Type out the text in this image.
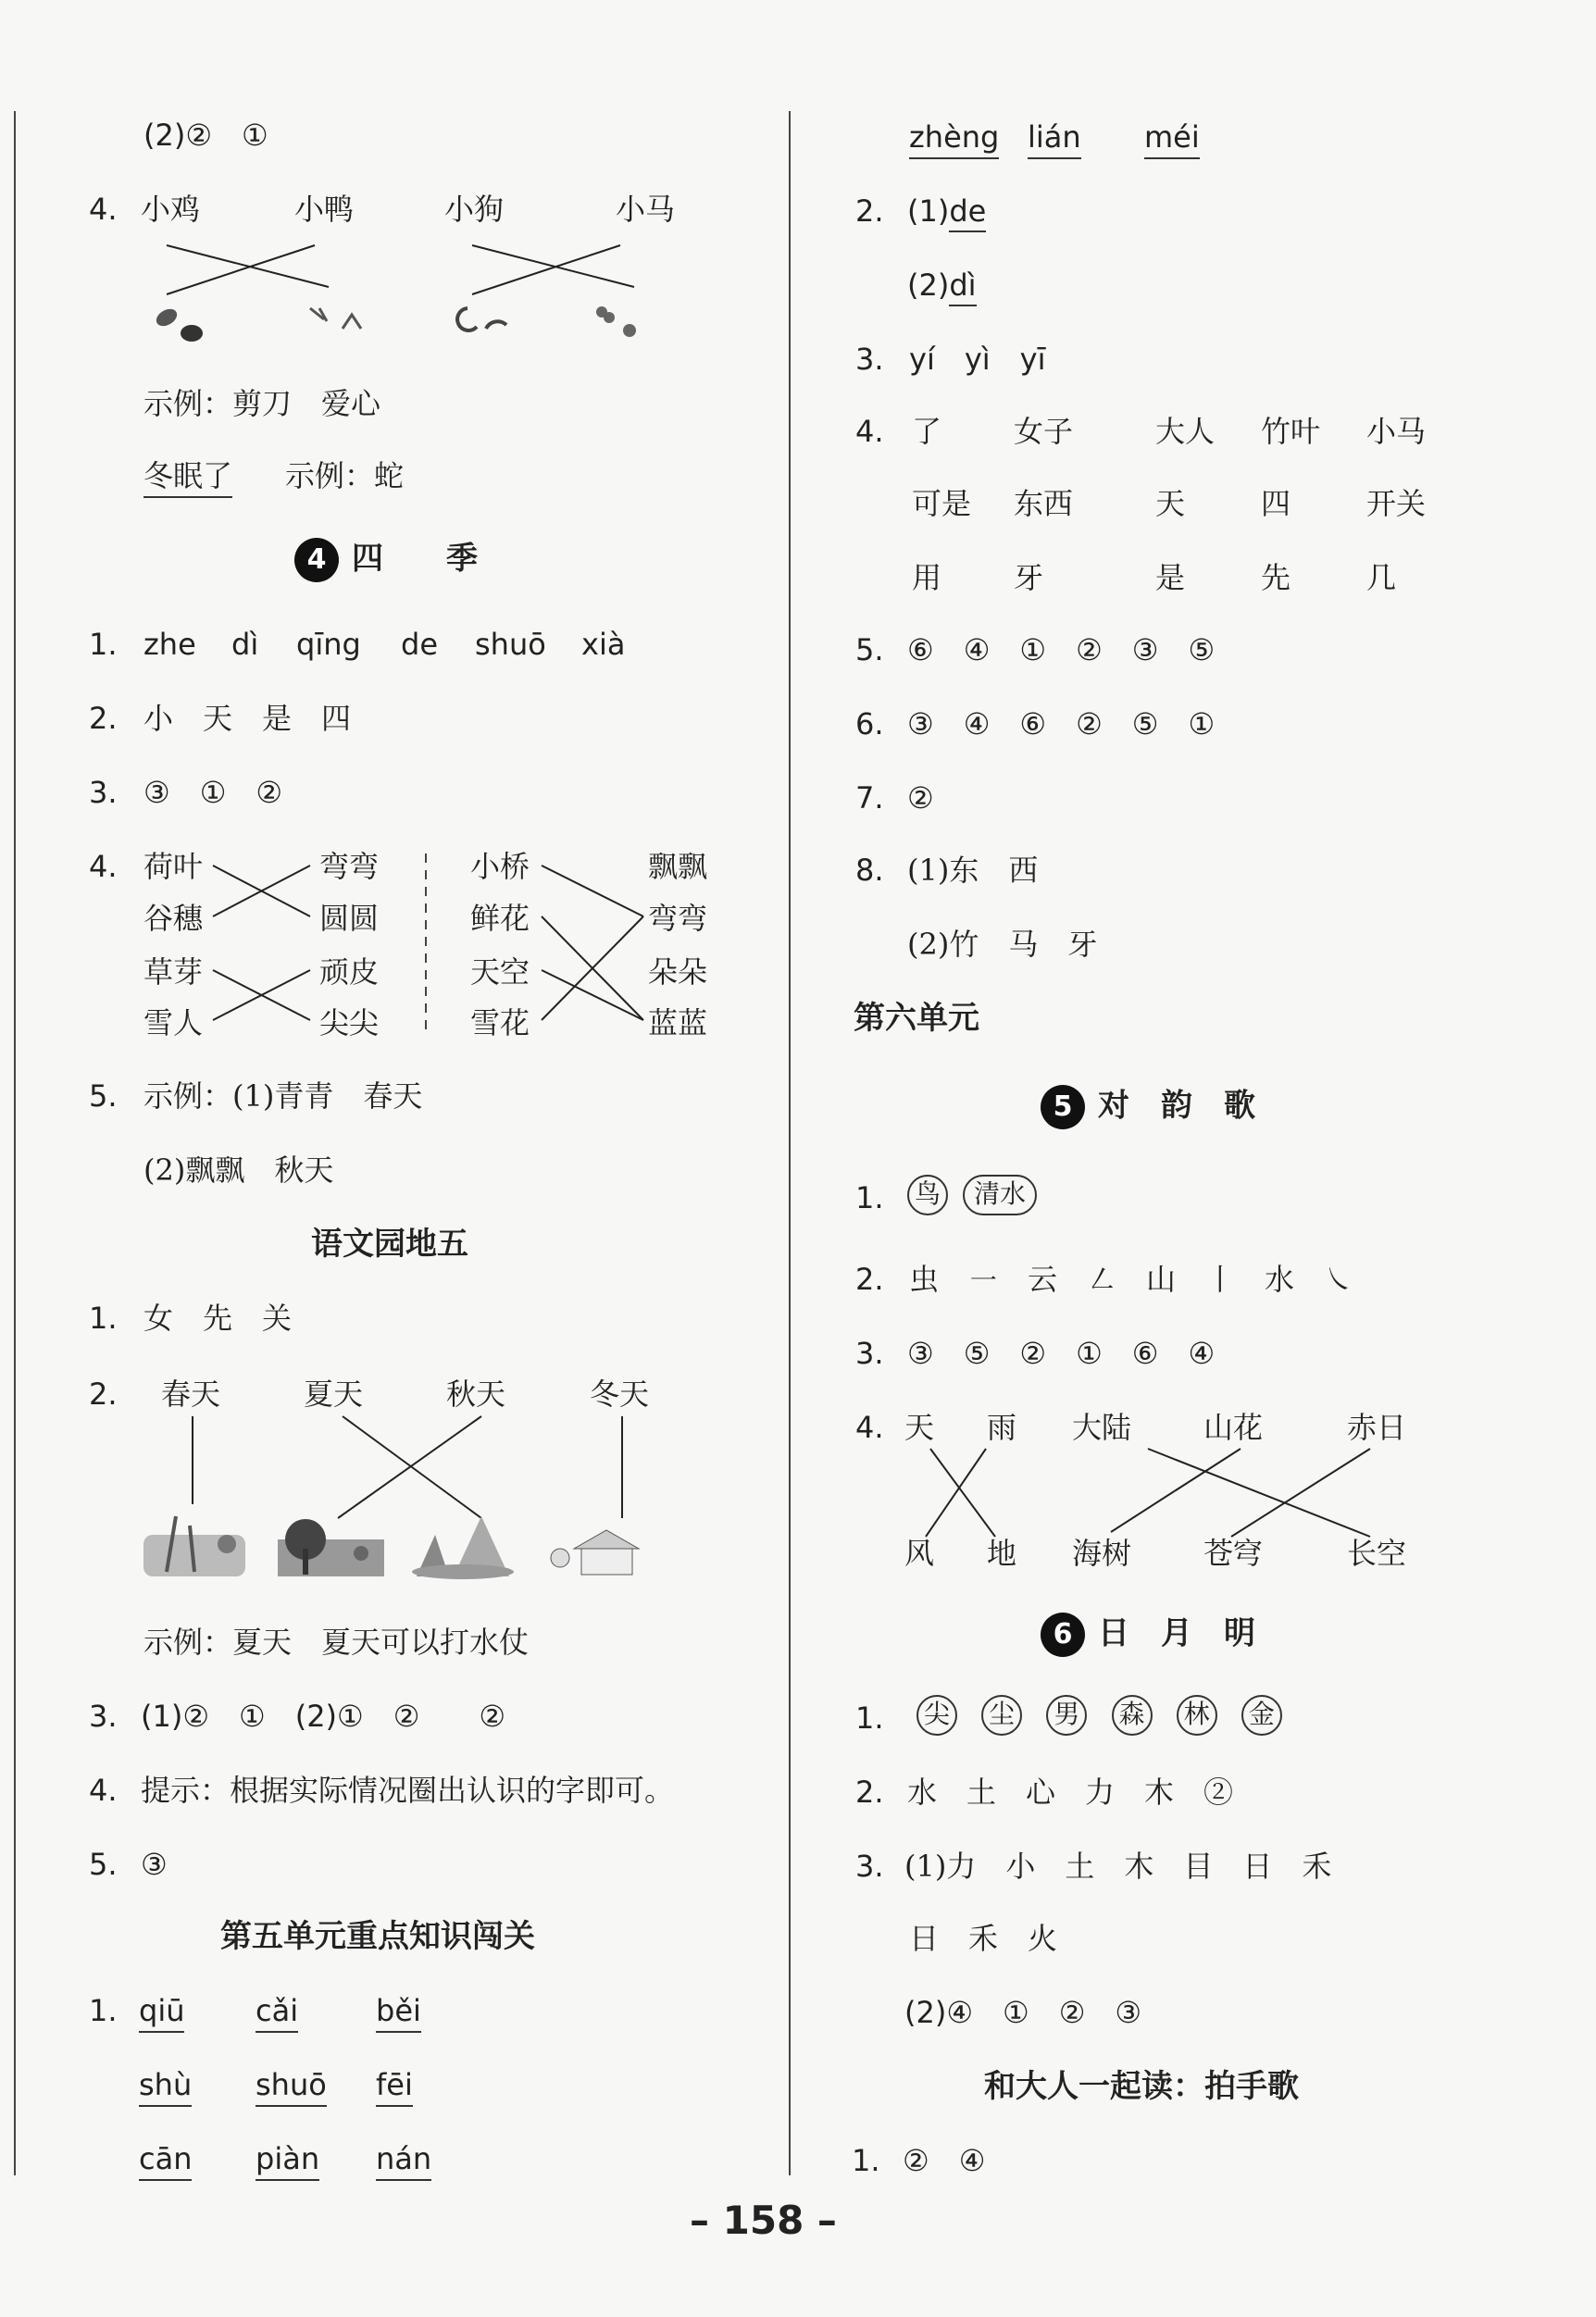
(2)②　①
4. 小鸡	小鸭	小狗	小马
示例：剪刀　爱心
冬眠了 示例：蛇
4 四　　季
1. zhe dì qīng de shuō xià
2. 小　天　是　四
3. ③　①　②
4. 荷叶
谷穗
草芽
雪人
弯弯
圆圆
顽皮
尖尖
小桥
鲜花
天空
雪花
飘飘
弯弯
朵朵
蓝蓝
5. 示例：(1)青青　春天
(2)飘飘　秋天
语文园地五
1. 女　先　关
2. 春天	夏天	秋天	冬天
示例：夏天　夏天可以打水仗
3. (1)②　①　(2)①　②　　②
4. 提示：根据实际情况圈出认识的字即可。
5. ③
第五单元重点知识闯关
1. qiū cǎi	běi
shù shuō fēi
cān piàn nán
zhèng lián méi
2. (1)de
(2)dì
3. yí　yì　yī
4. 了 女子	大人 竹叶 小马
可是 东西	天	四	开关
用 牙	是	先	几
5. ⑥　④　①　②　③　⑤
6. ③　④　⑥　②　⑤　①
7. ②
8. (1)东　西
(2)竹　马　牙
第六单元
5 对　韵　歌
1. 鸟 清水
2. 虫　㇐　云　㇜　山　丨　水　㇏
3. ③　⑤　②　①　⑥　④
4. 天 雨 大陆 山花	赤日
风 地 海树 苍穹	长空
6 日　月　明
1. 尖 尘 男 森 林 金
2. 水　土　心　力　木　②
3. (1)力　小　土　木　目　日　禾
日　禾　火
(2)④　①　②　③
和大人一起读：拍手歌
1. ②　④
– 158 –
